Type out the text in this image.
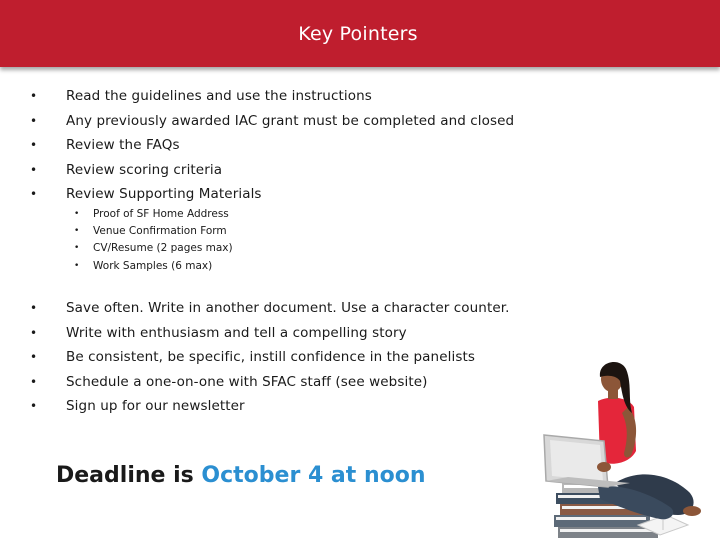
Key Pointers
• Read the guidelines and use the instructions
• Any previously awarded IAC grant must be completed and closed
• Review the FAQs
• Review scoring criteria
• Review Supporting Materials
• Proof of SF Home Address
• Venue Confirmation Form
• CV/Resume (2 pages max)
• Work Samples (6 max)
• Save often. Write in another document. Use a character counter.
• Write with enthusiasm and tell a compelling story
• Be consistent, be specific, instill confidence in the panelists
• Schedule a one-on-one with SFAC staff (see website)
• Sign up for our newsletter
Deadline is October 4 at noon
